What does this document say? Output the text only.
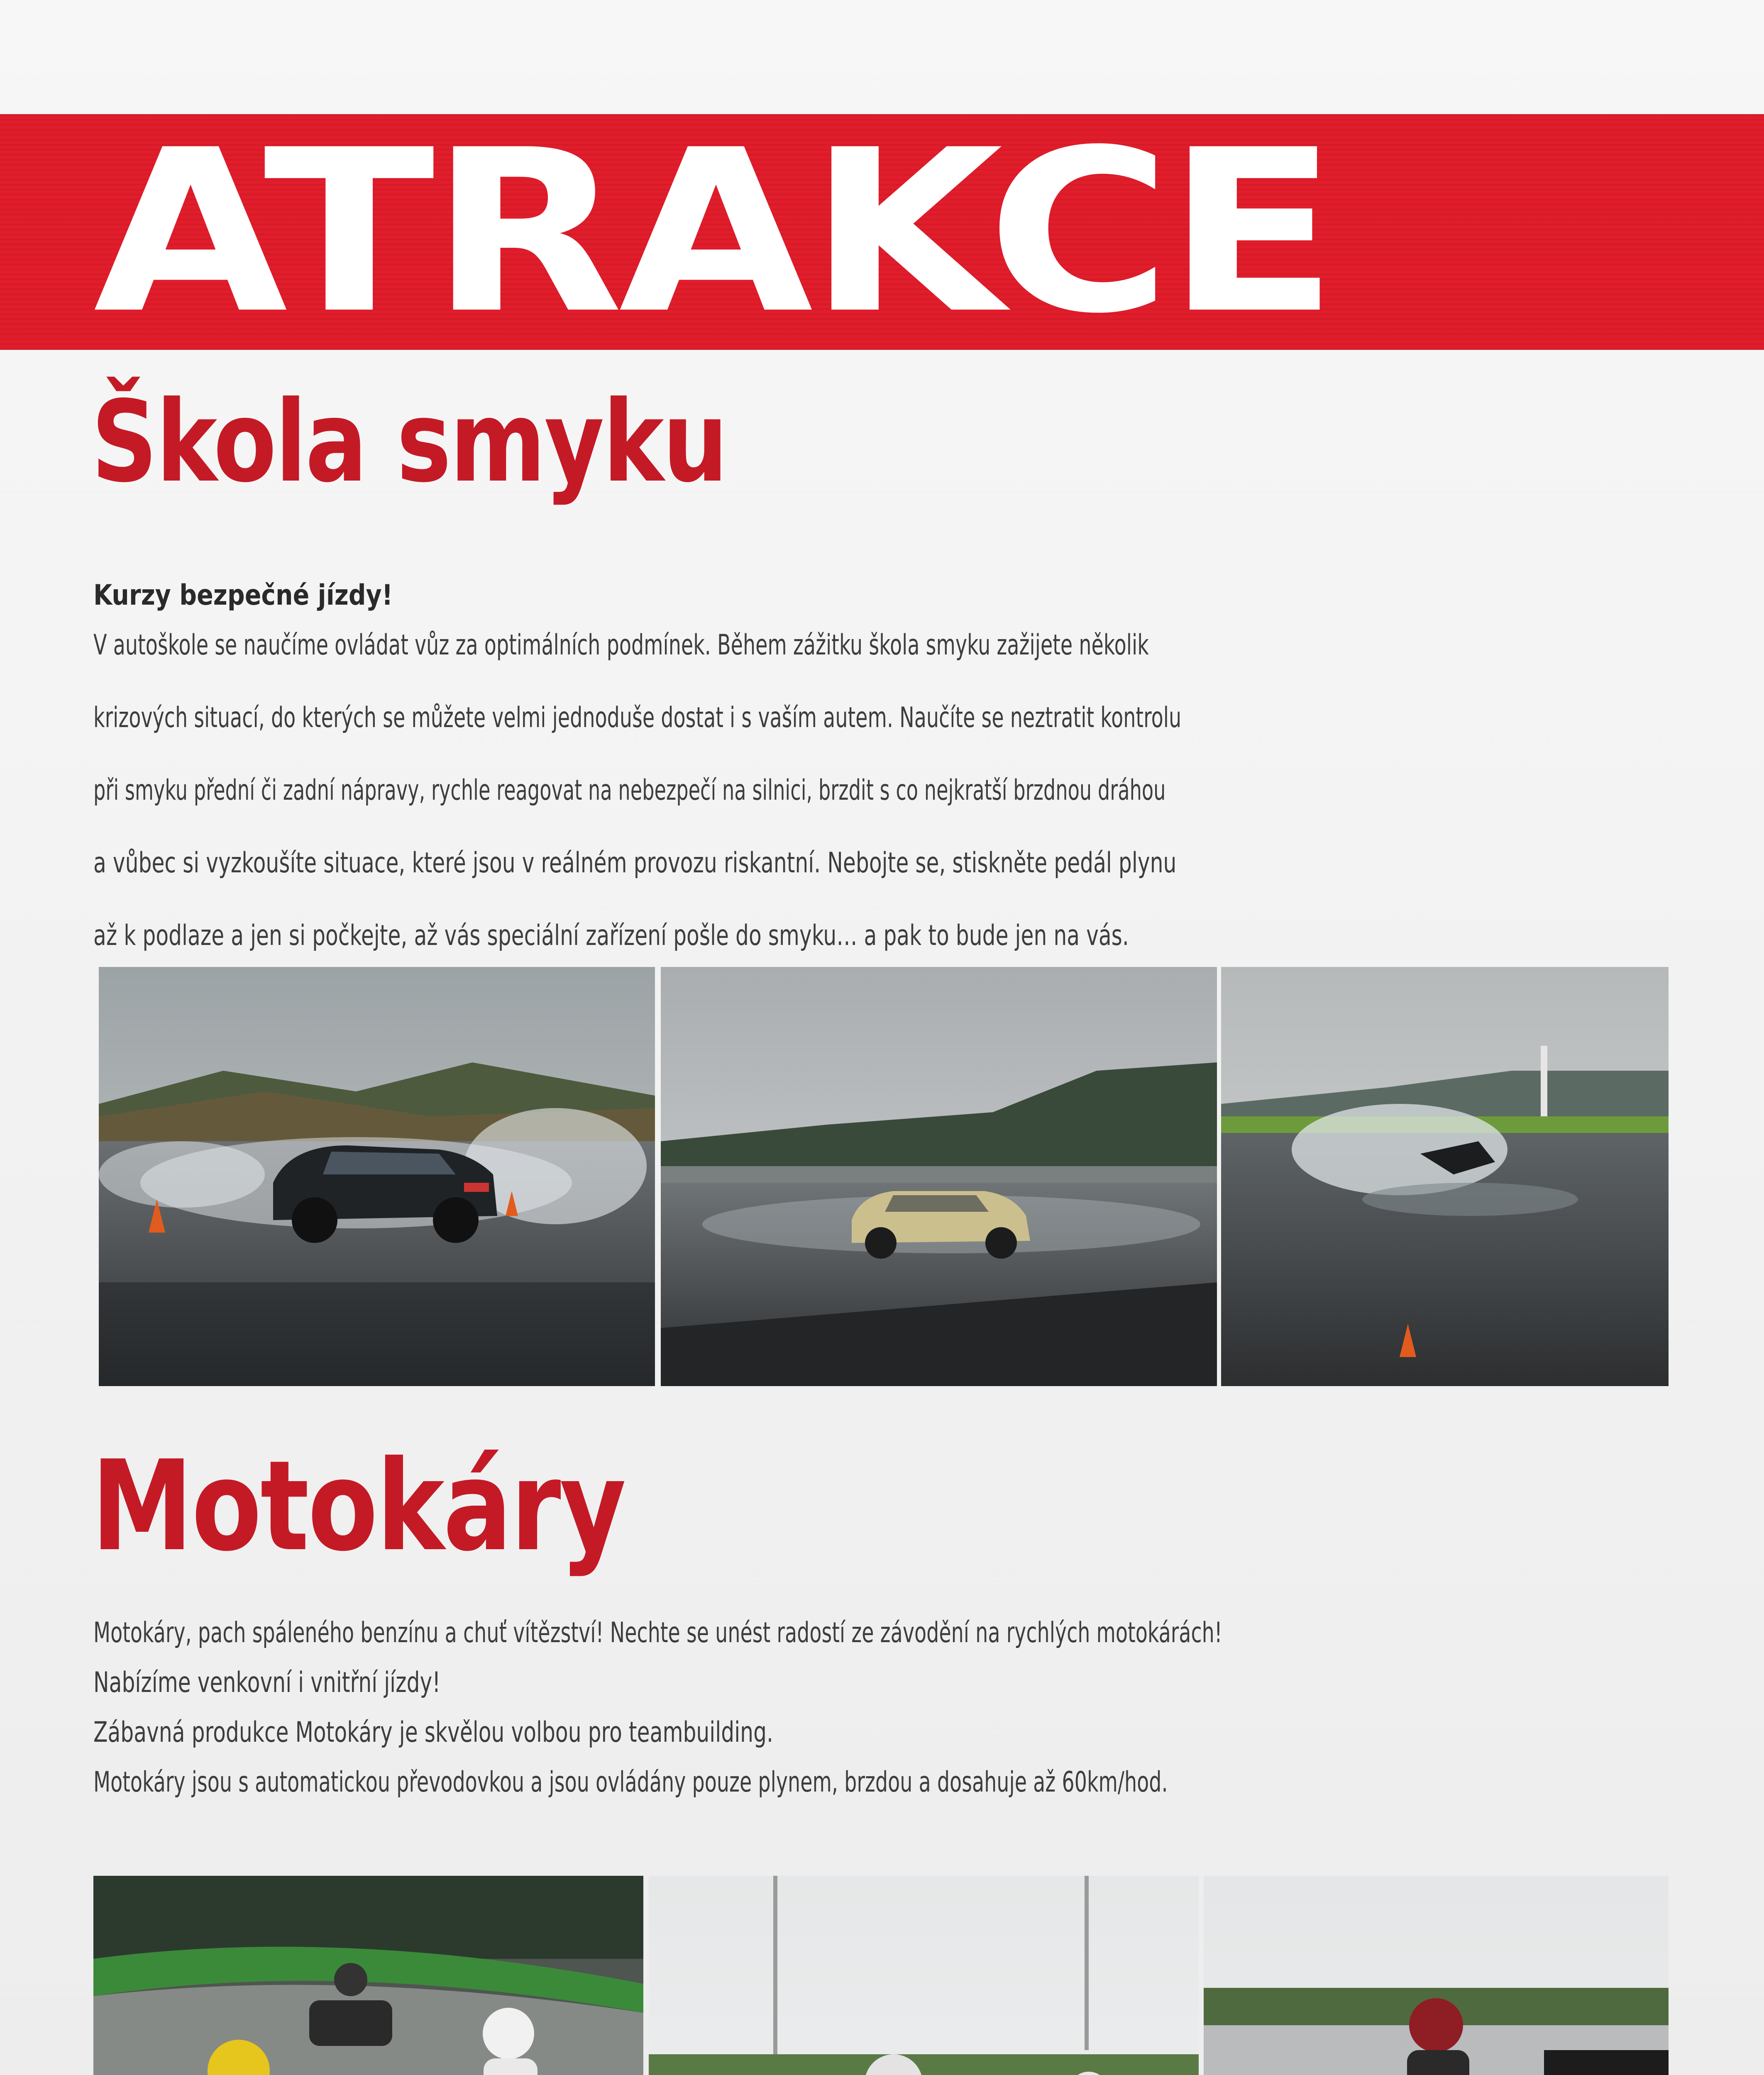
ATRAKCE
Škola smyku

Kurzy bezpečné jízdy!

V autoškole se naučíme ovládat vůz za optimálních podmínek. Během zážitku škola smyku zažijete několik

krizových situací, do kterých se můžete velmi jednoduše dostat i s vaším autem. Naučíte se neztratit kontrolu

při smyku přední či zadní nápravy, rychle reagovat na nebezpečí na silnici, brzdit s co nejkratší brzdnou dráhou

a vůbec si vyzkoušíte situace, které jsou v reálném provozu riskantní. Nebojte se, stiskněte pedál plynu

až k podlaze a jen si počkejte, až vás speciální zařízení pošle do smyku… a pak to bude jen na vás.

Motokáry

Motokáry, pach spáleného benzínu a chuť vítězství! Nechte se unést radostí ze závodění na rychlých motokárách!

Nabízíme venkovní i vnitřní jízdy!

Zábavná produkce Motokáry je skvělou volbou pro teambuilding.

Motokáry jsou s automatickou převodovkou a jsou ovládány pouze plynem, brzdou a dosahuje až 60km/hod.
